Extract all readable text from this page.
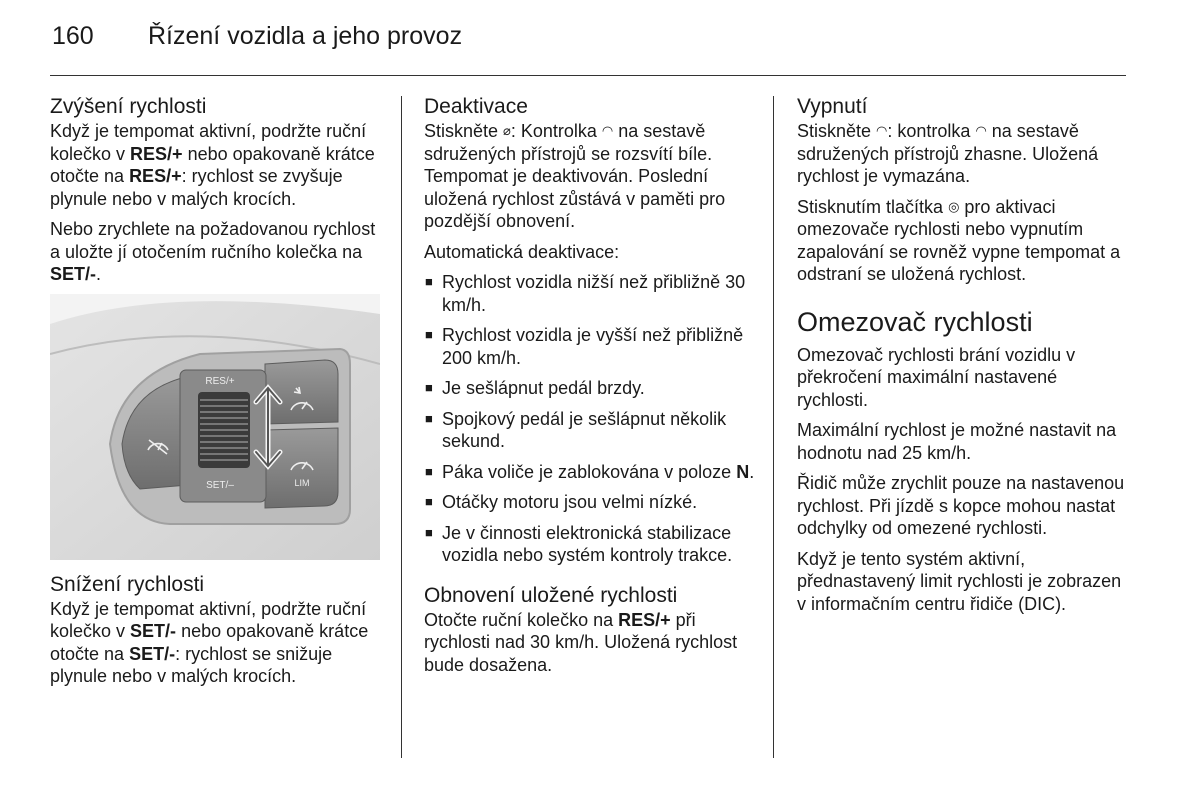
160 Řízení vozidla a jeho provoz
Zvýšení rychlosti

Když je tempomat aktivní, podržte ruční kolečko v RES/+ nebo opakovaně krátce otočte na RES/+: rychlost se zvyšuje plynule nebo v malých krocích.

Nebo zrychlete na požadovanou rychlost a uložte jí otočením ručního kolečka na SET/-.

RES/+
SET/–	LIM
Snížení rychlosti

Když je tempomat aktivní, podržte ruční kolečko v SET/- nebo opakovaně krátce otočte na SET/-: rychlost se snižuje plynule nebo v malých krocích.

Deaktivace

Stiskněte ⌀: Kontrolka ◠ na sestavě sdružených přístrojů se rozsvítí bíle. Tempomat je deaktivován. Poslední uložená rychlost zůstává v paměti pro pozdější obnovení.

Automatická deaktivace:

■ Rychlost vozidla nižší než přibližně 30 km/h.
■ Rychlost vozidla je vyšší než přibližně 200 km/h.
■ Je sešlápnut pedál brzdy.
■ Spojkový pedál je sešlápnut několik sekund.
■ Páka voliče je zablokována v poloze N.
■ Otáčky motoru jsou velmi nízké.
■ Je v činnosti elektronická stabilizace vozidla nebo systém kontroly trakce.
Obnovení uložené rychlosti

Otočte ruční kolečko na RES/+ při rychlosti nad 30 km/h. Uložená rychlost bude dosažena.

Vypnutí

Stiskněte ◠: kontrolka ◠ na sestavě sdružených přístrojů zhasne. Uložená rychlost je vymazána.

Stisknutím tlačítka ◎ pro aktivaci omezovače rychlosti nebo vypnutím zapalování se rovněž vypne tempomat a odstraní se uložená rychlost.

Omezovač rychlosti

Omezovač rychlosti brání vozidlu v překročení maximální nastavené rychlosti.

Maximální rychlost je možné nastavit na hodnotu nad 25 km/h.

Řidič může zrychlit pouze na nastavenou rychlost. Při jízdě s kopce mohou nastat odchylky od omezené rychlosti.

Když je tento systém aktivní, přednastavený limit rychlosti je zobrazen v informačním centru řidiče (DIC).
